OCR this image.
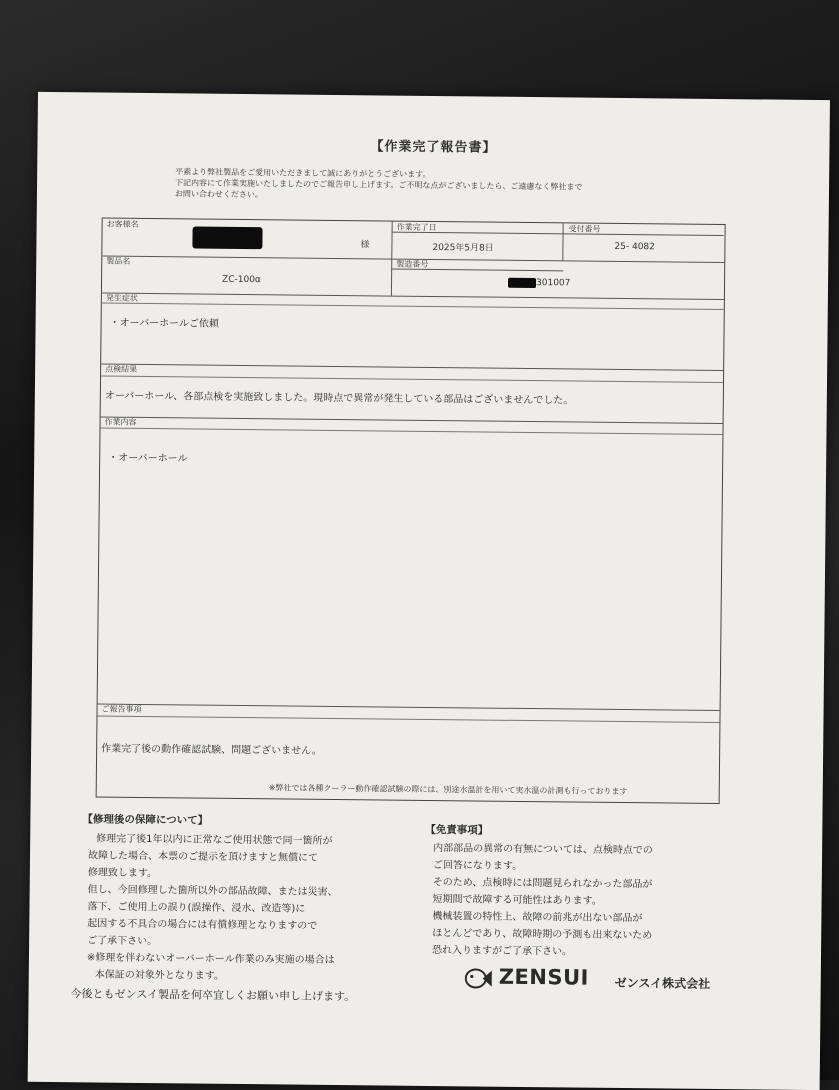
【作業完了報告書】
平素より弊社製品をご愛用いただきまして誠にありがとうございます。
下記内容にて作業実施いたしましたのでご報告申し上げます。ご不明な点がございましたら、ご遠慮なく弊社まで
お問い合わせください。
お客様名
様
作業完了日
2025年5月8日
受付番号
25- 4082
製品名
ZC-100α
製造番号
301007
発生症状
・オーバーホールご依頼
点検結果
オーバーホール、各部点検を実施致しました。現時点で異常が発生している部品はございませんでした。
作業内容
・オーバーホール
ご報告事項
作業完了後の動作確認試験、問題ございません。
※弊社では各種クーラー動作確認試験の際には、別途水温計を用いて実水温の計測も行っております
【修理後の保障について】
修理完了後1年以内に正常なご使用状態で同一箇所が
故障した場合、本票のご提示を頂けますと無償にて
修理致します。
但し、今回修理した箇所以外の部品故障、または災害、
落下、ご使用上の誤り(誤操作、浸水、改造等)に
起因する不具合の場合には有償修理となりますので
ご了承下さい。
※修理を伴わないオーバーホール作業のみ実施の場合は
本保証の対象外となります。
【免責事項】
内部部品の異常の有無については、点検時点での
ご回答になります。
そのため、点検時には問題見られなかった部品が
短期間で故障する可能性はあります。
機械装置の特性上、故障の前兆が出ない部品が
ほとんどであり、故障時期の予測も出来ないため
恐れ入りますがご了承下さい。
今後ともゼンスイ製品を何卒宜しくお願い申し上げます。
ZENSUI ゼンスイ株式会社
